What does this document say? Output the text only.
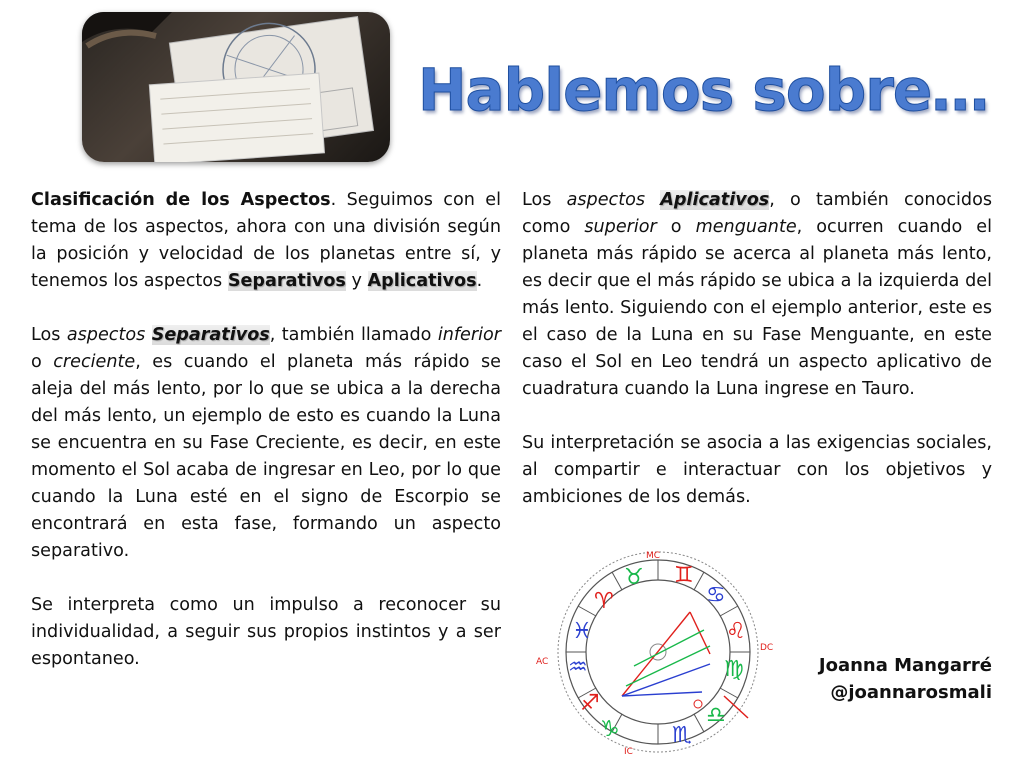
Hablemos sobre…

Clasificación de los Aspectos. Seguimos con el tema de los aspectos, ahora con una división según la posición y velocidad de los planetas entre sí, y tenemos los aspectos Separativos y Aplicativos.

Los aspectos Separativos, también llamado inferior o creciente, es cuando el planeta más rápido se aleja del más lento, por lo que se ubica a la derecha del más lento, un ejemplo de esto es cuando la Luna se encuentra en su Fase Creciente, es decir, en este momento el Sol acaba de ingresar en Leo, por lo que cuando la Luna esté en el signo de Escorpio se encontrará en esta fase, formando un aspecto separativo.

Se interpreta como un impulso a reconocer su individualidad, a seguir sus propios instintos y a ser espontaneo.

Los aspectos Aplicativos, o también conocidos como superior o menguante, ocurren cuando el planeta más rápido se acerca al planeta más lento, es decir que el más rápido se ubica a la izquierda del más lento. Siguiendo con el ejemplo anterior, este es el caso de la Luna en su Fase Menguante, en este caso el Sol en Leo tendrá un aspecto aplicativo de cuadratura cuando la Luna ingrese en Tauro.

Su interpretación se asocia a las exigencias sociales, al compartir e interactuar con los objetivos y ambiciones de los demás.

♉
♈
♓
♒
♐
♑ ♏
♎
♍
♌
♋
♊
MC
DC
AC
IC
Joanna Mangarré
@joannarosmali
